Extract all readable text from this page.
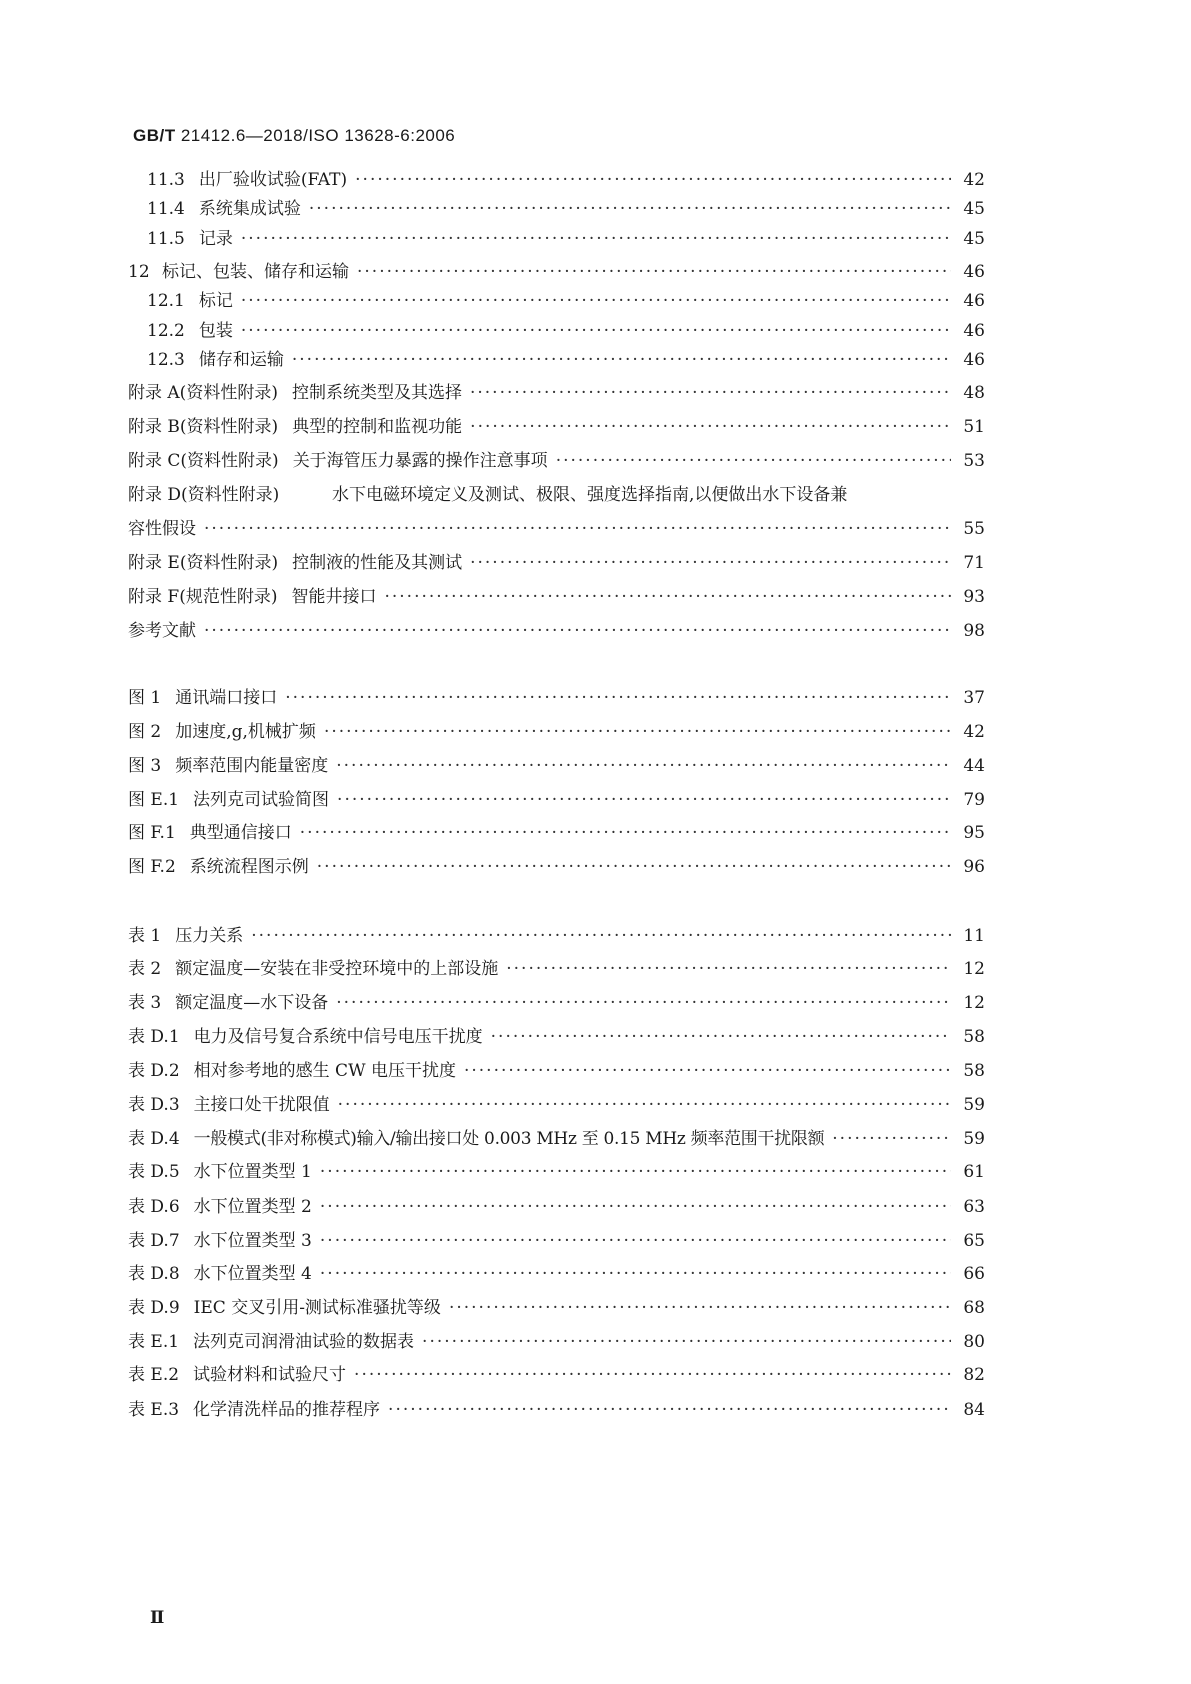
GB/T 21412.6—2018/ISO 13628-6:2006
11.3 出厂验收试验(FAT) ·····	42
11.4 系统集成试验 ·····	45
11.5 记录 ·····	45
12 标记、包装、储存和运输 ·····	46
12.1 标记 ·····	46
12.2 包装 ·····	46
12.3 储存和运输 ·····	46
附录 A(资料性附录) 控制系统类型及其选择 ·····	48
附录 B(资料性附录) 典型的控制和监视功能 ·····	51
附录 C(资料性附录) 关于海管压力暴露的操作注意事项 ·····	53
附录 D(资料性附录)	水下电磁环境定义及测试、极限、强度选择指南,以便做出水下设备兼
容性假设 ·····	55
附录 E(资料性附录) 控制液的性能及其测试 ·····	71
附录 F(规范性附录) 智能井接口 ·····	93
参考文献 ·····	98
图 1 通讯端口接口 ·····	37
图 2 加速度,g,机械扩频 ·····	42
图 3 频率范围内能量密度 ·····	44
图 E.1 法列克司试验简图 ·····	79
图 F.1 典型通信接口 ·····	95
图 F.2 系统流程图示例 ·····	96
表 1 压力关系 ·····	11
表 2 额定温度—安装在非受控环境中的上部设施 ·····	12
表 3 额定温度—水下设备 ·····	12
表 D.1 电力及信号复合系统中信号电压干扰度 ·····	58
表 D.2 相对参考地的感生 CW 电压干扰度 ·····	58
表 D.3 主接口处干扰限值 ·····	59
表 D.4 一般模式(非对称模式)输入/输出接口处 0.003 MHz 至 0.15 MHz 频率范围干扰限额 ·····	59
表 D.5 水下位置类型 1 ·····	61
表 D.6 水下位置类型 2 ·····	63
表 D.7 水下位置类型 3 ·····	65
表 D.8 水下位置类型 4 ·····	66
表 D.9 IEC 交叉引用-测试标准骚扰等级 ·····	68
表 E.1 法列克司润滑油试验的数据表 ·····	80
表 E.2 试验材料和试验尺寸 ·····	82
表 E.3 化学清洗样品的推荐程序 ·····	84
Ⅱ
